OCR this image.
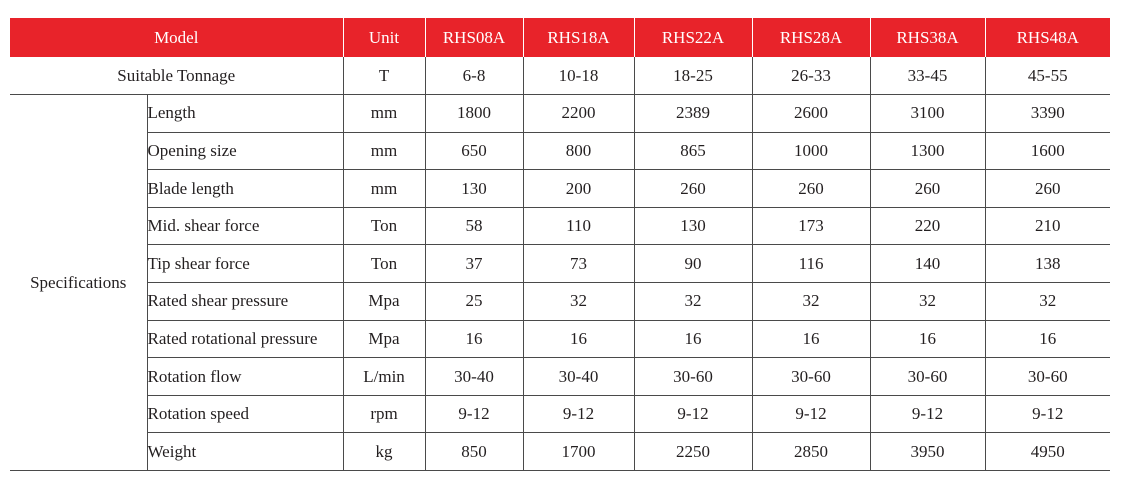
Model		Unit	RHS08A	RHS18A	RHS22A	RHS28A	RHS38A	RHS48A
Suitable Tonnage		T	6-8	10-18	18-25	26-33	33-45	45-55
Specifications	Length	mm	1800	2200	2389	2600	3100	3390
	Opening size	mm	650	800	865	1000	1300	1600
	Blade length	mm	130	200	260	260	260	260
	Mid. shear force	Ton	58	110	130	173	220	210
	Tip shear force	Ton	37	73	90	116	140	138
	Rated shear pressure	Mpa	25	32	32	32	32	32
	Rated rotational pressure	Mpa	16	16	16	16	16	16
	Rotation flow	L/min	30-40	30-40	30-60	30-60	30-60	30-60
	Rotation speed	rpm	9-12	9-12	9-12	9-12	9-12	9-12
	Weight	kg	850	1700	2250	2850	3950	4950
